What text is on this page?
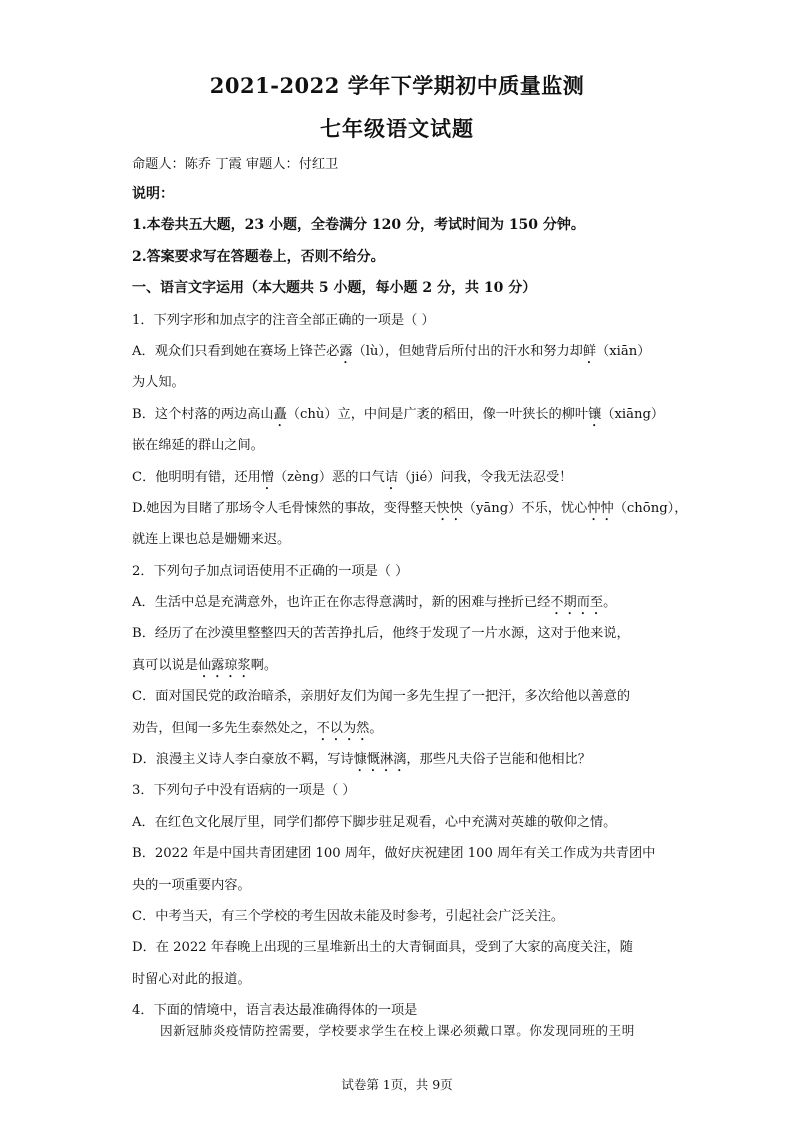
2021-2022 学年下学期初中质量监测
七年级语文试题
命题人：陈乔 丁霞 审题人：付红卫
说明：
1.本卷共五大题，23 小题，全卷满分 120 分，考试时间为 150 分钟。
2.答案要求写在答题卷上，否则不给分。
一、语言文字运用（本大题共 5 小题，每小题 2 分，共 10 分）
1．下列字形和加点字的注音全部正确的一项是（ ）
A．观众们只看到她在赛场上锋芒必露（lù），但她背后所付出的汗水和努力却鲜（xiān）
为人知。
B．这个村落的两边高山矗（chù）立，中间是广袤的稻田，像一叶狭长的柳叶镶（xiāng）
嵌在绵延的群山之间。
C．他明明有错，还用憎（zèng）恶的口气诘（jié）问我，令我无法忍受！
D.她因为目睹了那场令人毛骨悚然的事故，变得整天怏怏（yāng）不乐，忧心忡忡（chōng），
就连上课也总是姗姗来迟。
2．下列句子加点词语使用不正确的一项是（ ）
A．生活中总是充满意外，也许正在你志得意满时，新的困难与挫折已经不期而至。
B．经历了在沙漠里整整四天的苦苦挣扎后，他终于发现了一片水源，这对于他来说，
真可以说是仙露琼浆啊。
C．面对国民党的政治暗杀，亲朋好友们为闻一多先生捏了一把汗，多次给他以善意的
劝告，但闻一多先生泰然处之，不以为然。
D．浪漫主义诗人李白豪放不羁，写诗慷慨淋漓，那些凡夫俗子岂能和他相比？
3．下列句子中没有语病的一项是（ ）
A．在红色文化展厅里，同学们都停下脚步驻足观看，心中充满对英雄的敬仰之情。
B．2022 年是中国共青团建团 100 周年，做好庆祝建团 100 周年有关工作成为共青团中
央的一项重要内容。
C．中考当天，有三个学校的考生因故未能及时参考，引起社会广泛关注。
D．在 2022 年春晚上出现的三星堆新出土的大青铜面具，受到了大家的高度关注，随
时留心对此的报道。
4．下面的情境中，语言表达最准确得体的一项是
因新冠肺炎疫情防控需要，学校要求学生在校上课必须戴口罩。你发现同班的王明
试卷第 1页，共 9页
